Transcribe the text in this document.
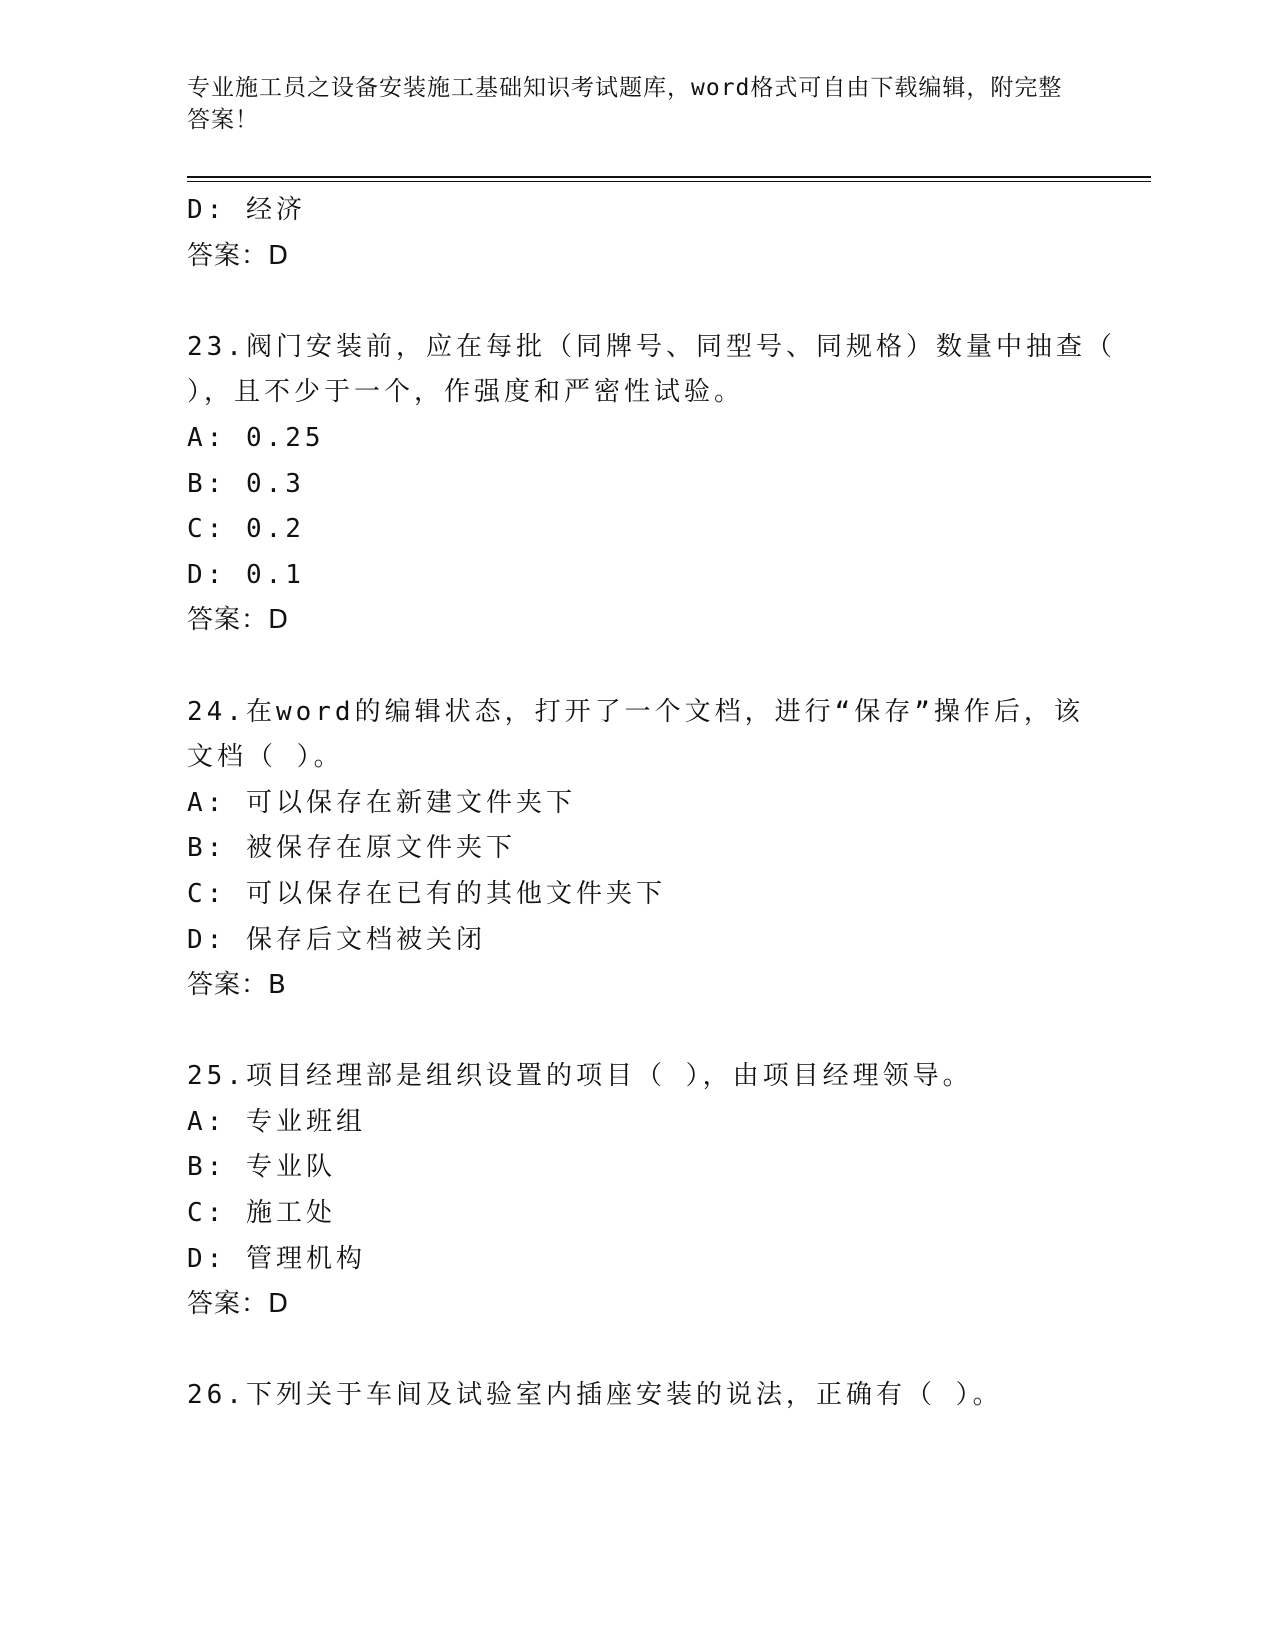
专业施工员之设备安装施工基础知识考试题库，word格式可自由下载编辑，附完整答案！
D: 经济
答案：D
23.阀门安装前，应在每批（同牌号、同型号、同规格）数量中抽查（
），且不少于一个，作强度和严密性试验。
A: 0.25
B: 0.3
C: 0.2
D: 0.1
答案：D
24.在word的编辑状态，打开了一个文档，进行“保存”操作后，该
文档（ ）。
A: 可以保存在新建文件夹下
B: 被保存在原文件夹下
C: 可以保存在已有的其他文件夹下
D: 保存后文档被关闭
答案：B
25.项目经理部是组织设置的项目（ ），由项目经理领导。
A: 专业班组
B: 专业队
C: 施工处
D: 管理机构
答案：D
26.下列关于车间及试验室内插座安装的说法，正确有（ ）。
